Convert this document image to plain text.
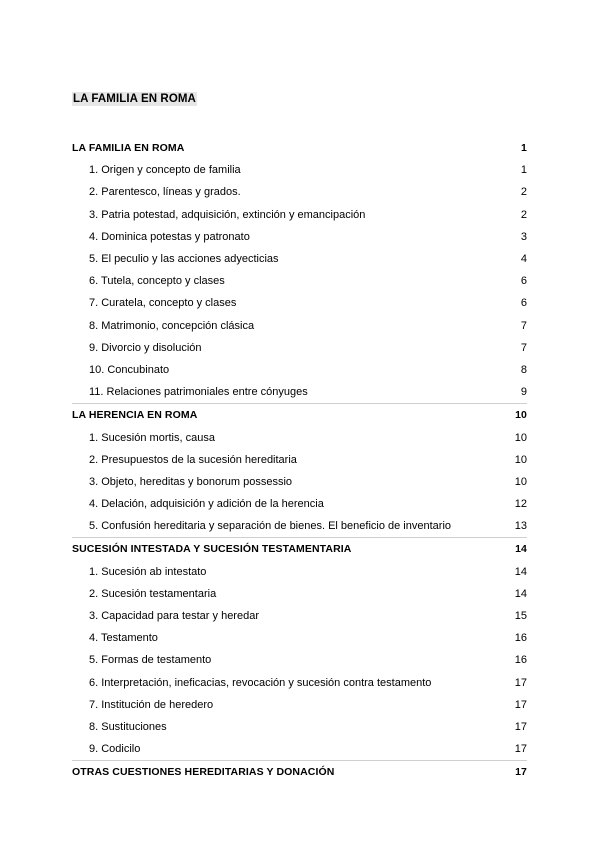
LA FAMILIA EN ROMA
LA FAMILIA EN ROMA	1
1. Origen y concepto de familia	1
2. Parentesco, líneas y grados.	2
3. Patria potestad, adquisición, extinción y emancipación	2
4. Dominica potestas y patronato	3
5. El peculio y las acciones adyecticias	4
6. Tutela, concepto y clases	6
7. Curatela, concepto y clases	6
8. Matrimonio, concepción clásica	7
9. Divorcio y disolución	7
10. Concubinato	8
11. Relaciones patrimoniales entre cónyuges	9
LA HERENCIA EN ROMA	10
1. Sucesión mortis, causa	10
2. Presupuestos de la sucesión hereditaria	10
3. Objeto, hereditas y bonorum possessio	10
4. Delación, adquisición y adición de la herencia	12
5. Confusión hereditaria y separación de bienes. El beneficio de inventario	13
SUCESIÓN INTESTADA Y SUCESIÓN TESTAMENTARIA	14
1. Sucesión ab intestato	14
2. Sucesión testamentaria	14
3. Capacidad para testar y heredar	15
4. Testamento	16
5. Formas de testamento	16
6. Interpretación, ineficacias, revocación y sucesión contra testamento	17
7. Institución de heredero	17
8. Sustituciones	17
9. Codicilo	17
OTRAS CUESTIONES HEREDITARIAS Y DONACIÓN	17
